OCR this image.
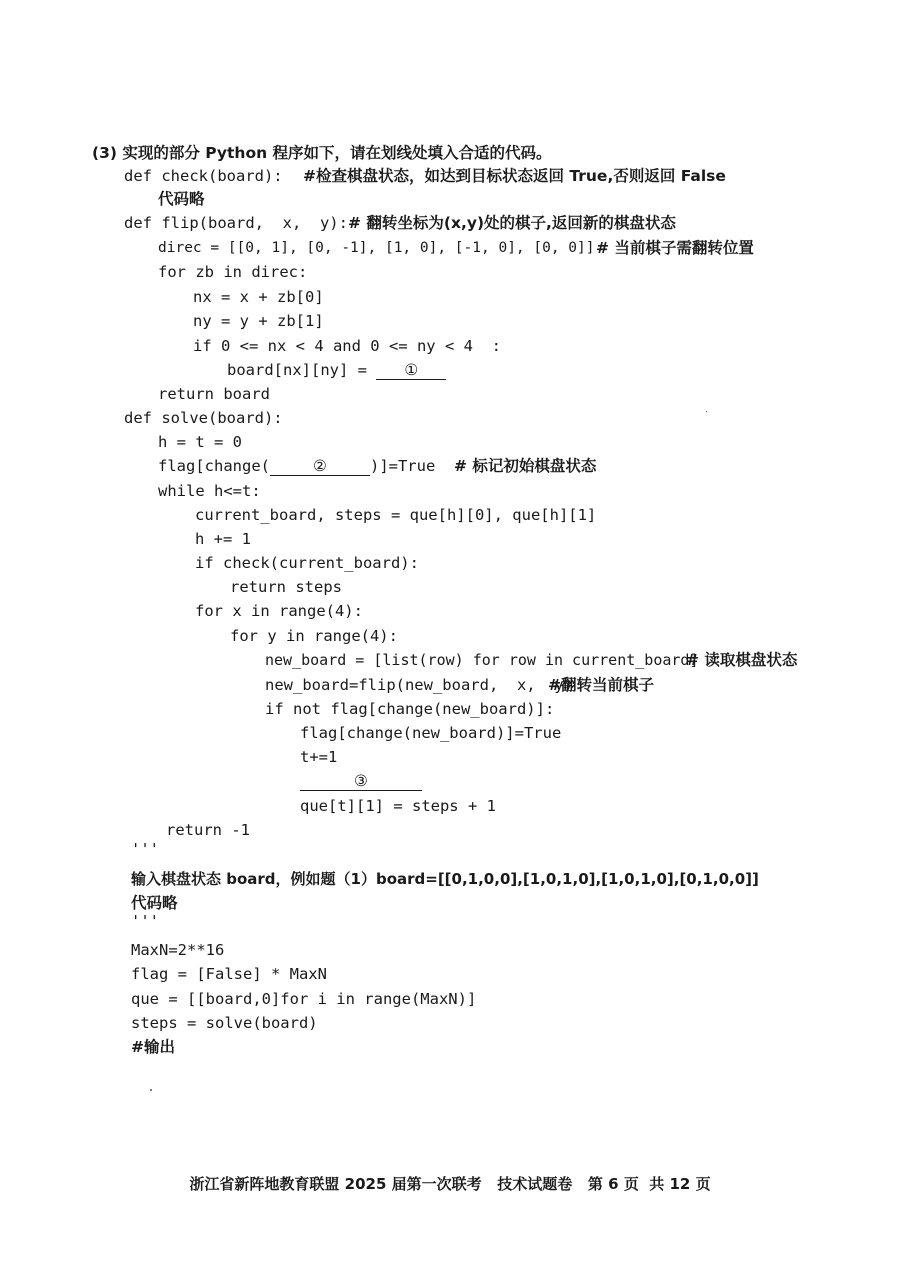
(3) 实现的部分 Python 程序如下，请在划线处填入合适的代码。
def check(board): #检查棋盘状态，如达到目标状态返回 True,否则返回 False
代码略
def flip(board,  x,  y): # 翻转坐标为(x,y)处的棋子,返回新的棋盘状态
direc = [[0, 1], [0, -1], [1, 0], [-1, 0], [0, 0]] # 当前棋子需翻转位置
for zb in direc:
nx = x + zb[0]
ny = y + zb[1]
if 0 <= nx < 4 and 0 <= ny < 4  :
board[nx][ny] = ①
return board
def solve(board):
h = t = 0
flag[change(	②	)]=True # 标记初始棋盘状态
while h<=t:
current_board, steps = que[h][0], que[h][1]
h += 1
if check(current_board):
return steps
for x in range(4):
for y in range(4):
new_board = [list(row) for row in current_board]
# 读取棋盘状态
new_board=flip(new_board,  x,  y)
#翻转当前棋子
if not flag[change(new_board)]:
flag[change(new_board)]=True
t+=1
③
que[t][1] = steps + 1
return -1
'''
输入棋盘状态 board，例如题（1）board=[[0,1,0,0],[1,0,1,0],[1,0,1,0],[0,1,0,0]]
代码略
'''
MaxN=2**16
flag = [False] * MaxN
que = [[board,0]for i in range(MaxN)]
steps = solve(board)
#输出
浙江省新阵地教育联盟 2025 届第一次联考   技术试题卷   第 6 页  共 12 页
